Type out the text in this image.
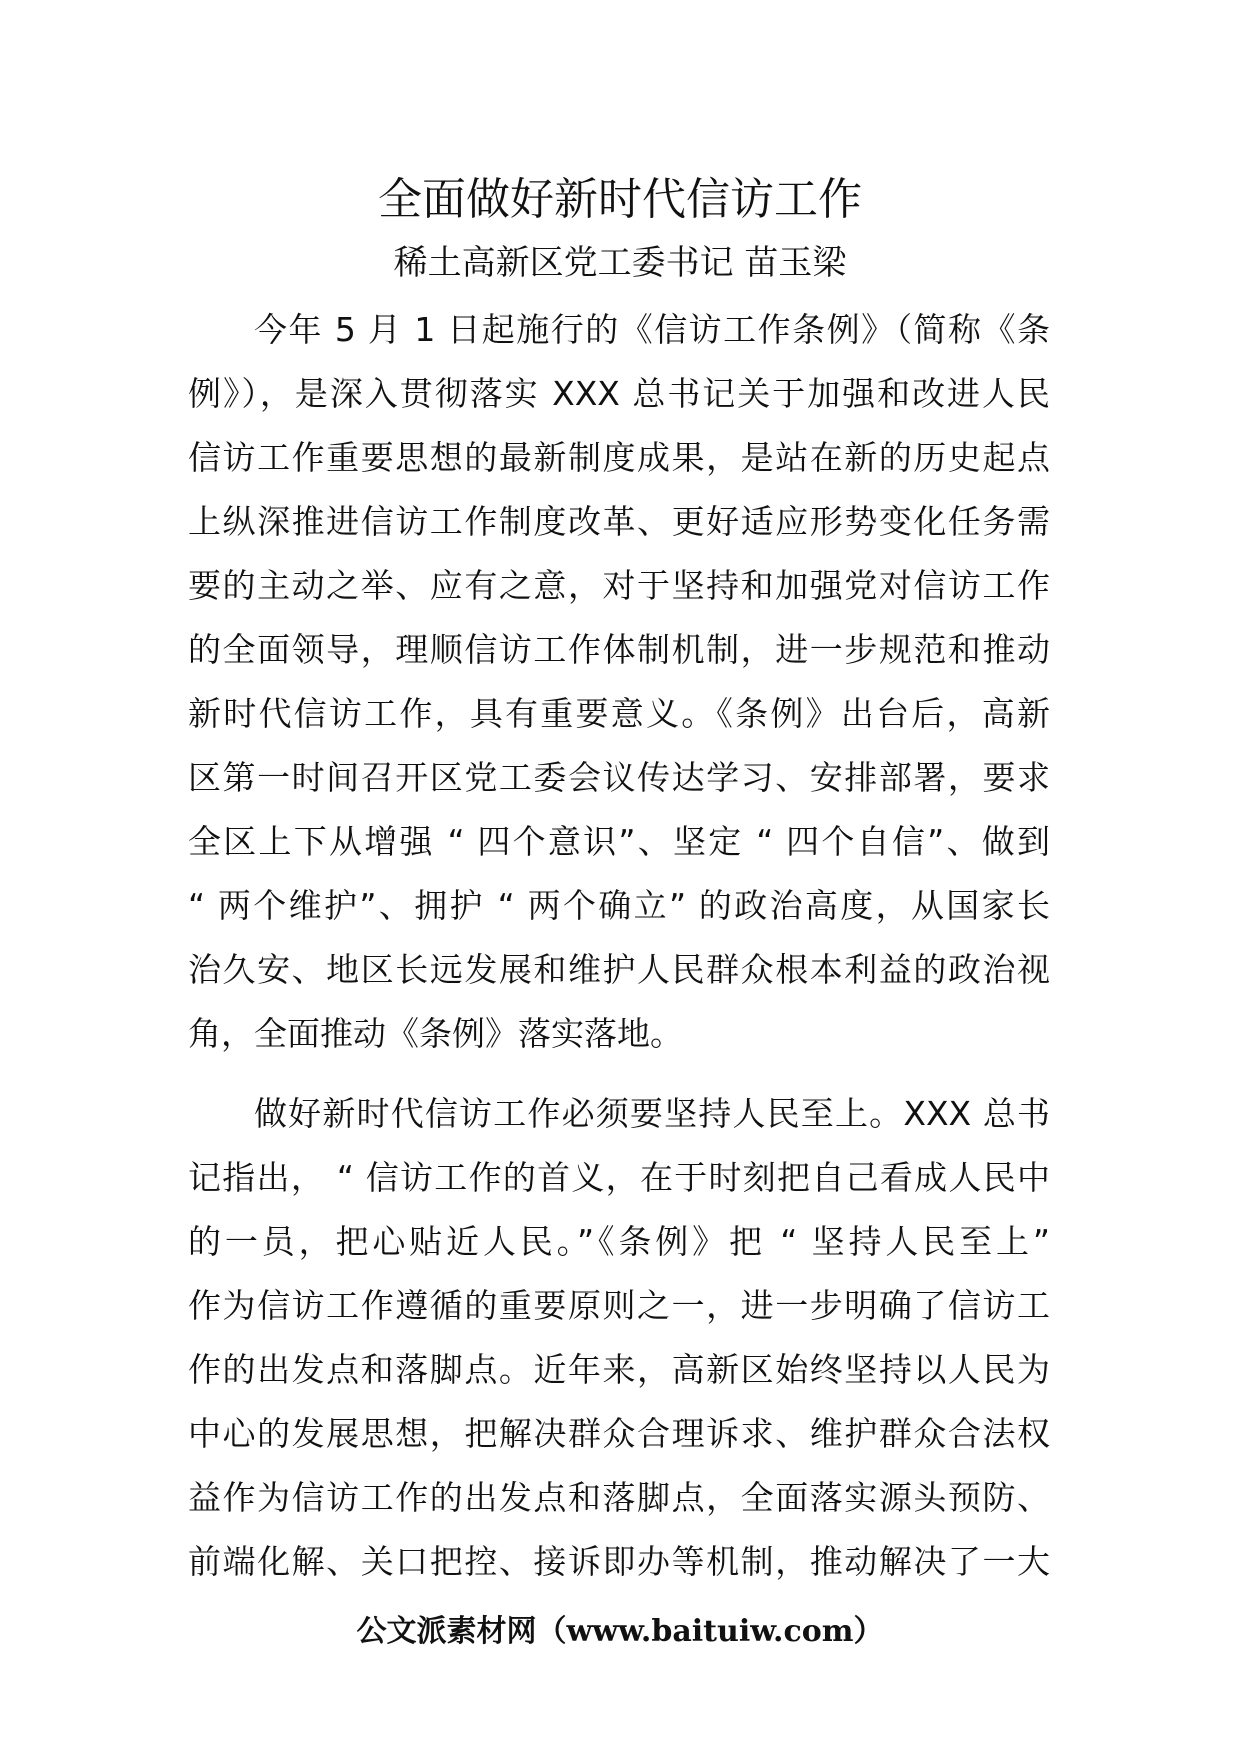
全面做好新时代信访工作
稀土高新区党工委书记 苗玉梁
今年 5 月 1 日起施行的《信访工作条例》（简称《条
例》），是深入贯彻落实 XXX 总书记关于加强和改进人民
信访工作重要思想的最新制度成果，是站在新的历史起点
上纵深推进信访工作制度改革、更好适应形势变化任务需
要的主动之举、应有之意，对于坚持和加强党对信访工作
的全面领导，理顺信访工作体制机制，进一步规范和推动
新时代信访工作，具有重要意义。《条例》出台后，高新
区第一时间召开区党工委会议传达学习、安排部署，要求
全区上下从增强 “ 四个意识”、坚定 “ 四个自信”、做到
“ 两个维护”、拥护 “ 两个确立” 的政治高度，从国家长
治久安、地区长远发展和维护人民群众根本利益的政治视
角，全面推动《条例》落实落地。
做好新时代信访工作必须要坚持人民至上。XXX 总书
记指出， “ 信访工作的首义，在于时刻把自己看成人民中
的一员，把心贴近人民。”《条例》把 “ 坚持人民至上”
作为信访工作遵循的重要原则之一，进一步明确了信访工
作的出发点和落脚点。近年来，高新区始终坚持以人民为
中心的发展思想，把解决群众合理诉求、维护群众合法权
益作为信访工作的出发点和落脚点，全面落实源头预防、
前端化解、关口把控、接诉即办等机制，推动解决了一大
公文派素材网（www.baituiw.com）
